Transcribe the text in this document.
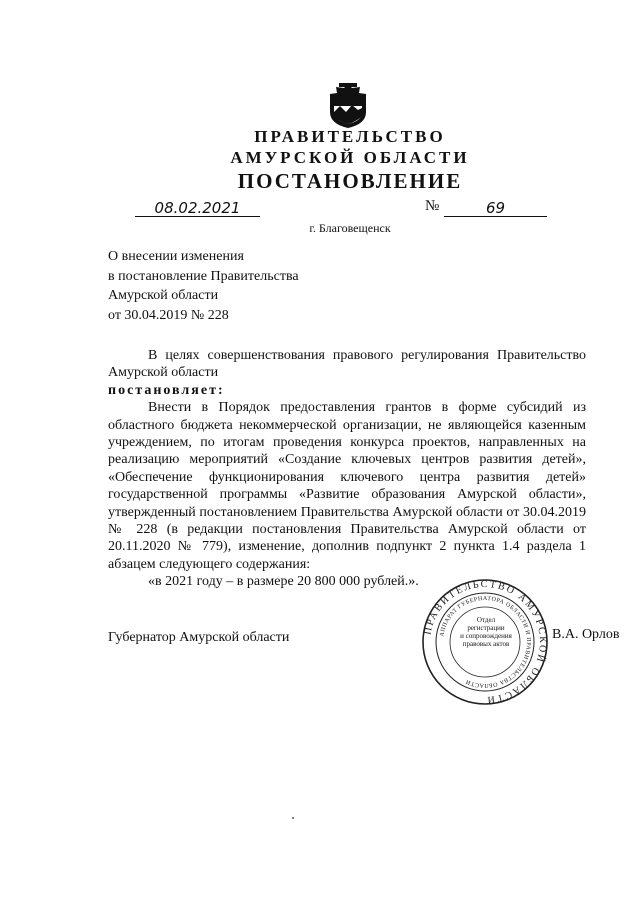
ПРАВИТЕЛЬСТВО
АМУРСКОЙ ОБЛАСТИ
ПОСТАНОВЛЕНИЕ
08.02.2021	№	69
г. Благовещенск
О внесении изменения
в постановление Правительства
Амурской области
от 30.04.2019 № 228

В целях совершенствования правового регулирования Правительство Амурской области

постановляет:

Внести в Порядок предоставления грантов в форме субсидий из областного бюджета некоммерческой организации, не являющейся казенным учреждением, по итогам проведения конкурса проектов, направленных на реализацию мероприятий «Создание ключевых центров развития детей», «Обеспечение функционирования ключевого центра развития детей» государственной программы «Развитие образования Амурской области», утвержденный постановлением Правительства Амурской области от 30.04.2019 № 228 (в редакции постановления Правительства Амурской области от 20.11.2020 № 779), изменение, дополнив подпункт 2 пункта 1.4 раздела 1 абзацем следующего содержания:

«в 2021 году – в размере 20 800 000 рублей.».

Губернатор Амурской области	ПРАВИТЕЛЬСТВО АМУРСКОЙ ОБЛАСТИ
АППАРАТ ГУБЕРНАТОРА ОБЛАСТИ И ПРАВИТЕЛЬСТВА ОБЛАСТИ
Отдел
регистрации
и сопровождения
правовых актов
В.А. Орлов
